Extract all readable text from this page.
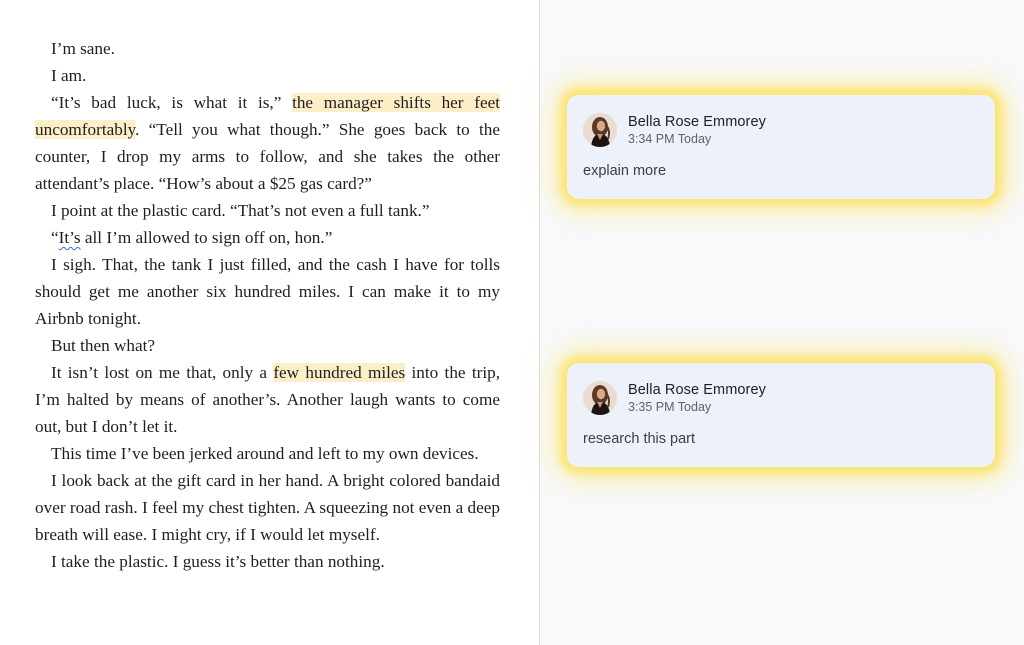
I’m sane.

I am.

“It’s bad luck, is what it is,” the manager shifts her feet uncomfortably. “Tell you what though.” She goes back to the counter, I drop my arms to follow, and she takes the other attendant’s place. “How’s about a $25 gas card?”

I point at the plastic card. “That’s not even a full tank.”

“It’s all I’m allowed to sign off on, hon.”

I sigh. That, the tank I just filled, and the cash I have for tolls should get me another six hundred miles. I can make it to my Airbnb tonight.

But then what?

It isn’t lost on me that, only a few hundred miles into the trip, I’m halted by means of another’s. Another laugh wants to come out, but I don’t let it.

This time I’ve been jerked around and left to my own devices.

I look back at the gift card in her hand. A bright colored bandaid over road rash. I feel my chest tighten. A squeezing not even a deep breath will ease. I might cry, if I would let myself.

I take the plastic. I guess it’s better than nothing.

Bella Rose Emmorey
3:34 PM Today
explain more
Bella Rose Emmorey
3:35 PM Today
research this part
